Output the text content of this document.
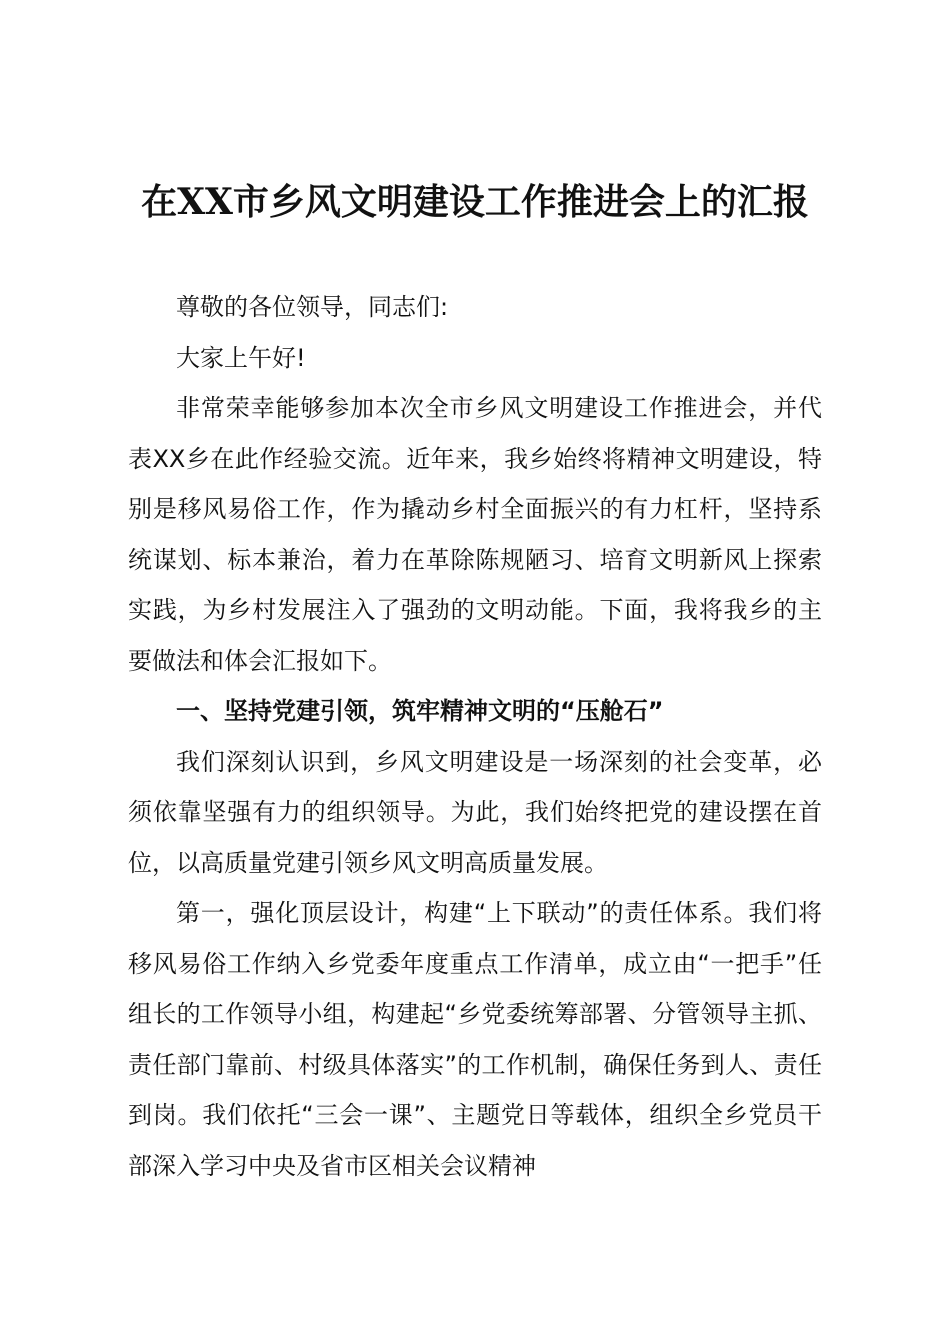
在XX市乡风文明建设工作推进会上的汇报

尊敬的各位领导，同志们:

大家上午好!

非常荣幸能够参加本次全市乡风文明建设工作推进会，并代表XX乡在此作经验交流。近年来，我乡始终将精神文明建设，特别是移风易俗工作，作为撬动乡村全面振兴的有力杠杆，坚持系统谋划、标本兼治，着力在革除陈规陋习、培育文明新风上探索实践，为乡村发展注入了强劲的文明动能。下面，我将我乡的主要做法和体会汇报如下。

一、坚持党建引领，筑牢精神文明的“压舱石”

我们深刻认识到，乡风文明建设是一场深刻的社会变革，必须依靠坚强有力的组织领导。为此，我们始终把党的建设摆在首位，以高质量党建引领乡风文明高质量发展。

第一，强化顶层设计，构建“上下联动”的责任体系。我们将移风易俗工作纳入乡党委年度重点工作清单，成立由“一把手”任组长的工作领导小组，构建起“乡党委统筹部署、分管领导主抓、责任部门靠前、村级具体落实”的工作机制，确保任务到人、责任到岗。我们依托“三会一课”、主题党日等载体，组织全乡党员干部深入学习中央及省市区相关会议精神
